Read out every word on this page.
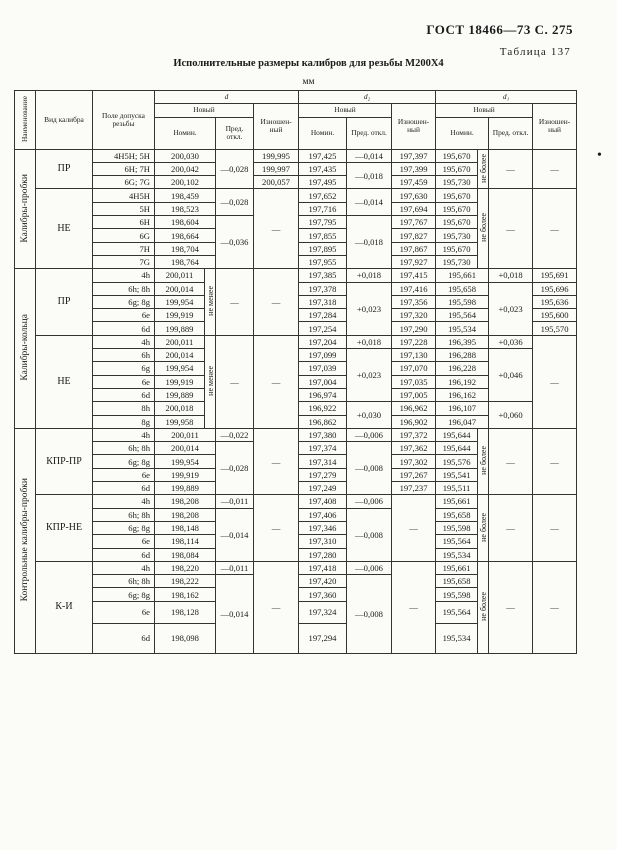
ГОСТ 18466—73 С. 275
Таблица 137
Исполнительные размеры калибров для резьбы М200Х4
мм
•
Наименование	Вид калибра	Поле допуска резьбы	d				d₂			d₁			
			Новый			Изношен-ный	Новый		Изношен-ный	Новый			Изношен-ный
			Номин.		Пред. откл.		Номин.	Пред. откл.		Номин.		Пред. откл.	
Калибры-пробки	ПР	4H5H; 5H	200,030		—0,028	199,995	197,425	—0,014	197,397	195,670	не более	—	—
		6H; 7H	200,042			199,997	197,435	—0,018	197,399	195,670			
		6G; 7G	200,102			200,057	197,495		197,459	195,730			
	НЕ	4H5H	198,459		—0,028	—	197,652	—0,014	197,630	195,670	не более	—	—
		5H	198,523				197,716		197,694	195,670			
		6H	198,604		—0,036		197,795	—0,018	197,767	195,670			
		6G	198,664				197,855		197,827	195,730			
		7H	198,704				197,895		197,867	195,670			
		7G	198,764				197,955		197,927	195,730			
Калибры-кольца	ПР	4h	200,011	не менее	—	—	197,385	+0,018	197,415	195,661		+0,018	195,691
		6h; 8h	200,014				197,378	+0,023	197,416	195,658		+0,023	195,696
		6g; 8g	199,954				197,318		197,356	195,598			195,636
		6e	199,919				197,284		197,320	195,564			195,600
		6d	199,889				197,254		197,290	195,534			195,570
	НЕ	4h	200,011	не менее	—	—	197,204	+0,018	197,228	196,395		+0,036	—
		6h	200,014				197,099	+0,023	197,130	196,288		+0,046	
		6g	199,954				197,039		197,070	196,228			
		6e	199,919				197,004		197,035	196,192			
		6d	199,889				196,974		197,005	196,162			
		8h	200,018				196,922	+0,030	196,962	196,107		+0,060	
		8g	199,958				196,862		196,902	196,047			
Контрольные калибры-пробки	КПР-ПР	4h	200,011		—0,022	—	197,380	—0,006	197,372	195,644	не более	—	—
		6h; 8h	200,014		—0,028		197,374	—0,008	197,362	195,644			
		6g; 8g	199,954				197,314		197,302	195,576			
		6e	199,919				197,279		197,267	195,541			
		6d	199,889				197,249		197,237	195,511			
	КПР-НЕ	4h	198,208		—0,011	—	197,408	—0,006	—	195,661	не более	—	—
		6h; 8h	198,208		—0,014		197,406	—0,008		195,658			
		6g; 8g	198,148				197,346			195,598			
		6e	198,114				197,310			195,564			
		6d	198,084				197,280			195,534			
	К-И	4h	198,220		—0,011	—	197,418	—0,006	—	195,661	не более	—	—
		6h; 8h	198,222		—0,014		197,420	—0,008		195,658			
		6g; 8g	198,162				197,360			195,598			
		6e	198,128				197,324			195,564			
		6d	198,098				197,294			195,534			
